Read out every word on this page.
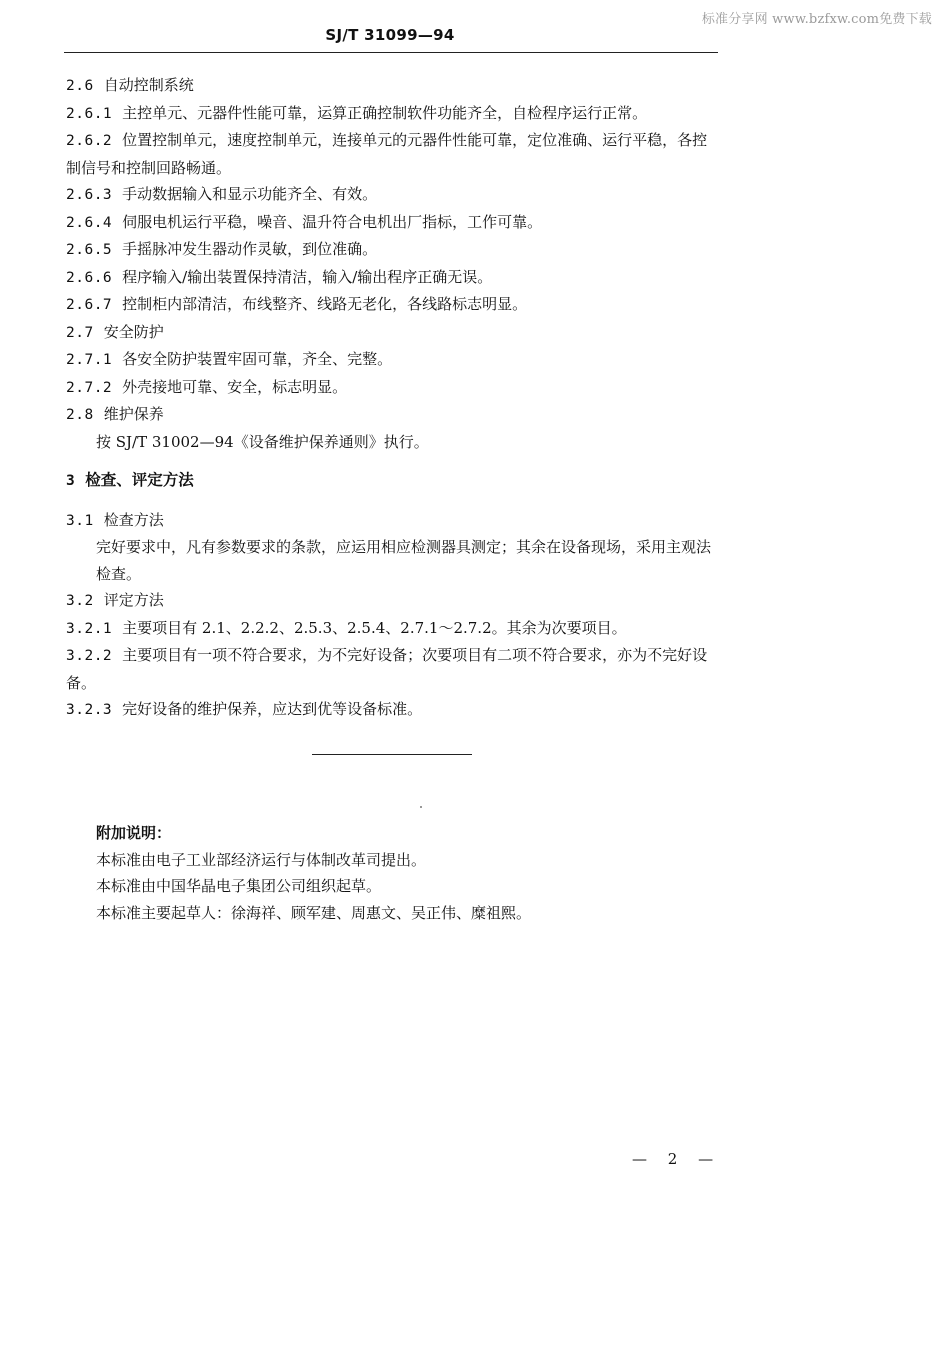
标准分享网 www.bzfxw.com免费下载
SJ/T 31099—94

2.6 自动控制系统

2.6.1 主控单元、元器件性能可靠，运算正确控制软件功能齐全，自检程序运行正常。

2.6.2 位置控制单元，速度控制单元，连接单元的元器件性能可靠，定位准确、运行平稳，各控制信号和控制回路畅通。

2.6.3 手动数据输入和显示功能齐全、有效。

2.6.4 伺服电机运行平稳，噪音、温升符合电机出厂指标，工作可靠。

2.6.5 手摇脉冲发生器动作灵敏，到位准确。

2.6.6 程序输入/输出装置保持清洁，输入/输出程序正确无误。

2.6.7 控制柜内部清洁，布线整齐、线路无老化，各线路标志明显。

2.7 安全防护

2.7.1 各安全防护装置牢固可靠，齐全、完整。

2.7.2 外壳接地可靠、安全，标志明显。

2.8 维护保养

按 SJ/T 31002—94《设备维护保养通则》执行。

3 检查、评定方法

3.1 检查方法

完好要求中，凡有参数要求的条款，应运用相应检测器具测定；其余在设备现场，采用主观法检查。

3.2 评定方法

3.2.1 主要项目有 2.1、2.2.2、2.5.3、2.5.4、2.7.1～2.7.2。其余为次要项目。

3.2.2 主要项目有一项不符合要求，为不完好设备；次要项目有二项不符合要求，亦为不完好设备。

3.2.3 完好设备的维护保养，应达到优等设备标准。

附加说明：
本标准由电子工业部经济运行与体制改革司提出。
本标准由中国华晶电子集团公司组织起草。
本标准主要起草人：徐海祥、顾军建、周惠文、吴正伟、糜祖熙。
— 2 —
